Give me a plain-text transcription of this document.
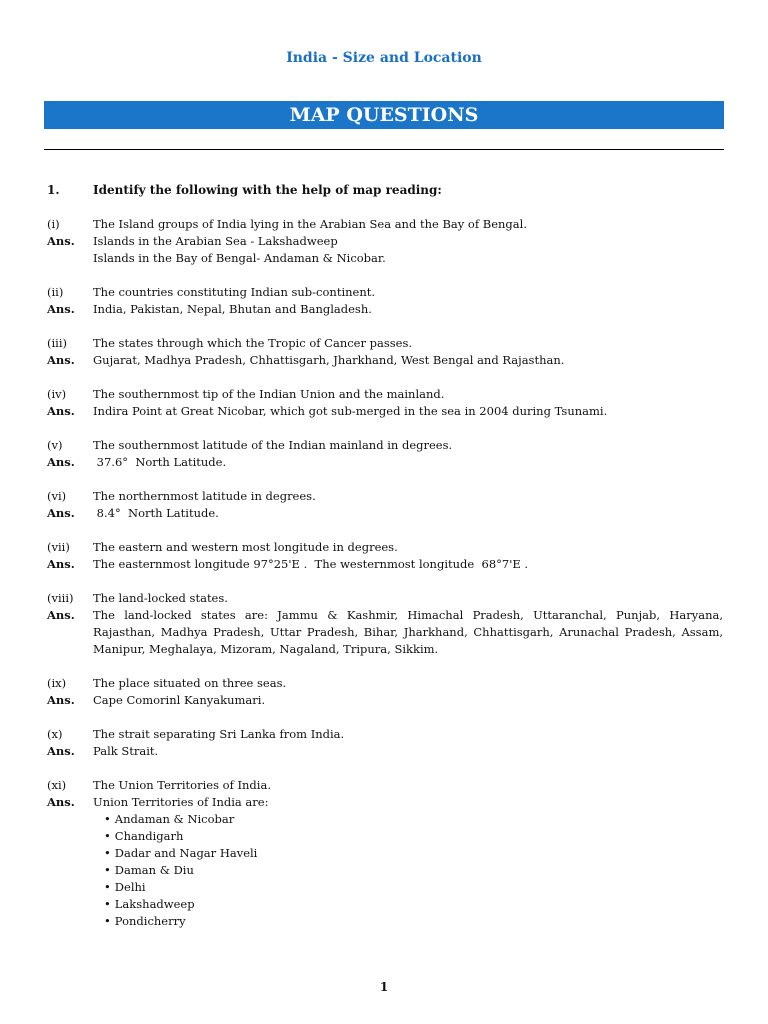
India - Size and Location
MAP QUESTIONS
1.	Identify the following with the help of map reading:
(i)	The Island groups of India lying in the Arabian Sea and the Bay of Bengal.
Ans.	Islands in the Arabian Sea - Lakshadweep
Islands in the Bay of Bengal- Andaman & Nicobar.
(ii)	The countries constituting Indian sub-continent.
Ans.	India, Pakistan, Nepal, Bhutan and Bangladesh.
(iii)	The states through which the Tropic of Cancer passes.
Ans.	Gujarat, Madhya Pradesh, Chhattisgarh, Jharkhand, West Bengal and Rajasthan.
(iv)	The southernmost tip of the Indian Union and the mainland.
Ans.	Indira Point at Great Nicobar, which got sub-merged in the sea in 2004 during Tsunami.
(v)	The southernmost latitude of the Indian mainland in degrees.
Ans.	37.6°  North Latitude.
(vi)	The northernmost latitude in degrees.
Ans.	8.4°  North Latitude.
(vii)	The eastern and western most longitude in degrees.
Ans.	The easternmost longitude 97°25'E .  The westernmost longitude  68°7'E .
(viii)	The land-locked states.
Ans.	The land-locked states are: Jammu & Kashmir, Himachal Pradesh, Uttaranchal, Punjab, Haryana, Rajasthan, Madhya Pradesh, Uttar Pradesh, Bihar, Jharkhand, Chhattisgarh, Arunachal Pradesh, Assam, Manipur, Meghalaya, Mizoram, Nagaland, Tripura, Sikkim.
(ix)	The place situated on three seas.
Ans.	Cape Comorinl Kanyakumari.
(x)	The strait separating Sri Lanka from India.
Ans.	Palk Strait.
(xi)	The Union Territories of India.
Ans.	Union Territories of India are:
• Andaman & Nicobar
• Chandigarh
• Dadar and Nagar Haveli
• Daman & Diu
• Delhi
• Lakshadweep
• Pondicherry
1
